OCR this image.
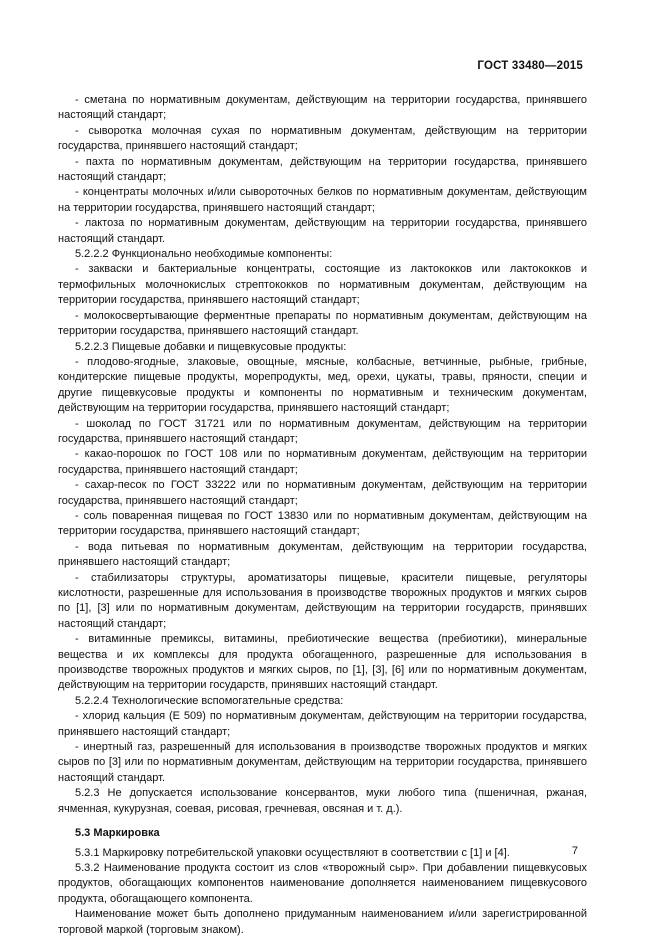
ГОСТ 33480—2015

- сметана по нормативным документам, действующим на территории государства, принявшего настоящий стандарт;

- сыворотка молочная сухая по нормативным документам, действующим на территории государства, принявшего настоящий стандарт;

- пахта по нормативным документам, действующим на территории государства, принявшего настоящий стандарт;

- концентраты молочных и/или сывороточных белков по нормативным документам, действующим на территории государства, принявшего настоящий стандарт;

- лактоза по нормативным документам, действующим на территории государства, принявшего настоящий стандарт.

5.2.2.2 Функционально необходимые компоненты:

- закваски и бактериальные концентраты, состоящие из лактококков или лактококков и термофильных молочнокислых стрептококков по нормативным документам, действующим на территории государства, принявшего настоящий стандарт;

- молокосвертывающие ферментные препараты по нормативным документам, действующим на территории государства, принявшего настоящий стандарт.

5.2.2.3 Пищевые добавки и пищевкусовые продукты:

- плодово-ягодные, злаковые, овощные, мясные, колбасные, ветчинные, рыбные, грибные, кондитерские пищевые продукты, морепродукты, мед, орехи, цукаты, травы, пряности, специи и другие пищевкусовые продукты и компоненты по нормативным и техническим документам, действующим на территории государства, принявшего настоящий стандарт;

- шоколад по ГОСТ 31721 или по нормативным документам, действующим на территории государства, принявшего настоящий стандарт;

- какао-порошок по ГОСТ 108 или по нормативным документам, действующим на территории государства, принявшего настоящий стандарт;

- сахар-песок по ГОСТ 33222 или по нормативным документам, действующим на территории государства, принявшего настоящий стандарт;

- соль поваренная пищевая по ГОСТ 13830 или по нормативным документам, действующим на территории государства, принявшего настоящий стандарт;

- вода питьевая по нормативным документам, действующим на территории государства, принявшего настоящий стандарт;

- стабилизаторы структуры, ароматизаторы пищевые, красители пищевые, регуляторы кислотности, разрешенные для использования в производстве творожных продуктов и мягких сыров по [1], [3] или по нормативным документам, действующим на территории государств, принявших настоящий стандарт;

- витаминные премиксы, витамины, пребиотические вещества (пребиотики), минеральные вещества и их комплексы для продукта обогащенного, разрешенные для использования в производстве творожных продуктов и мягких сыров, по [1], [3], [6] или по нормативным документам, действующим на территории государств, принявших настоящий стандарт.

5.2.2.4 Технологические вспомогательные средства:

- хлорид кальция (Е 509) по нормативным документам, действующим на территории государства, принявшего настоящий стандарт;

- инертный газ, разрешенный для использования в производстве творожных продуктов и мягких сыров по [3] или по нормативным документам, действующим на территории государства, принявшего настоящий стандарт.

5.2.3 Не допускается использование консервантов, муки любого типа (пшеничная, ржаная, ячменная, кукурузная, соевая, рисовая, гречневая, овсяная и т. д.).

5.3 Маркировка

5.3.1 Маркировку потребительской упаковки осуществляют в соответствии с [1] и [4].

5.3.2 Наименование продукта состоит из слов «творожный сыр». При добавлении пищевкусовых продуктов, обогащающих компонентов наименование дополняется наименованием пищевкусового продукта, обогащающего компонента.

Наименование может быть дополнено придуманным наименованием и/или зарегистрированной торговой маркой (торговым знаком).

7
